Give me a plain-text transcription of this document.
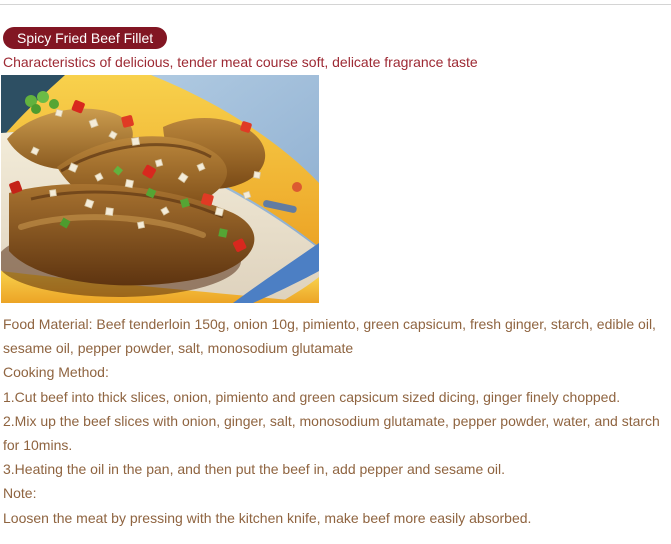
Spicy Fried Beef Fillet
Characteristics of delicious, tender meat course soft, delicate fragrance taste
Food Material: Beef tenderloin 150g, onion 10g, pimiento, green capsicum, fresh ginger, starch, edible oil,
sesame oil, pepper powder, salt, monosodium glutamate
Cooking Method:
1.Cut beef into thick slices, onion, pimiento and green capsicum sized dicing, ginger finely chopped.
2.Mix up the beef slices with onion, ginger, salt, monosodium glutamate, pepper powder, water, and starch
for 10mins.
3.Heating the oil in the pan, and then put the beef in, add pepper and sesame oil.
Note:
Loosen the meat by pressing with the kitchen knife, make beef more easily absorbed.
